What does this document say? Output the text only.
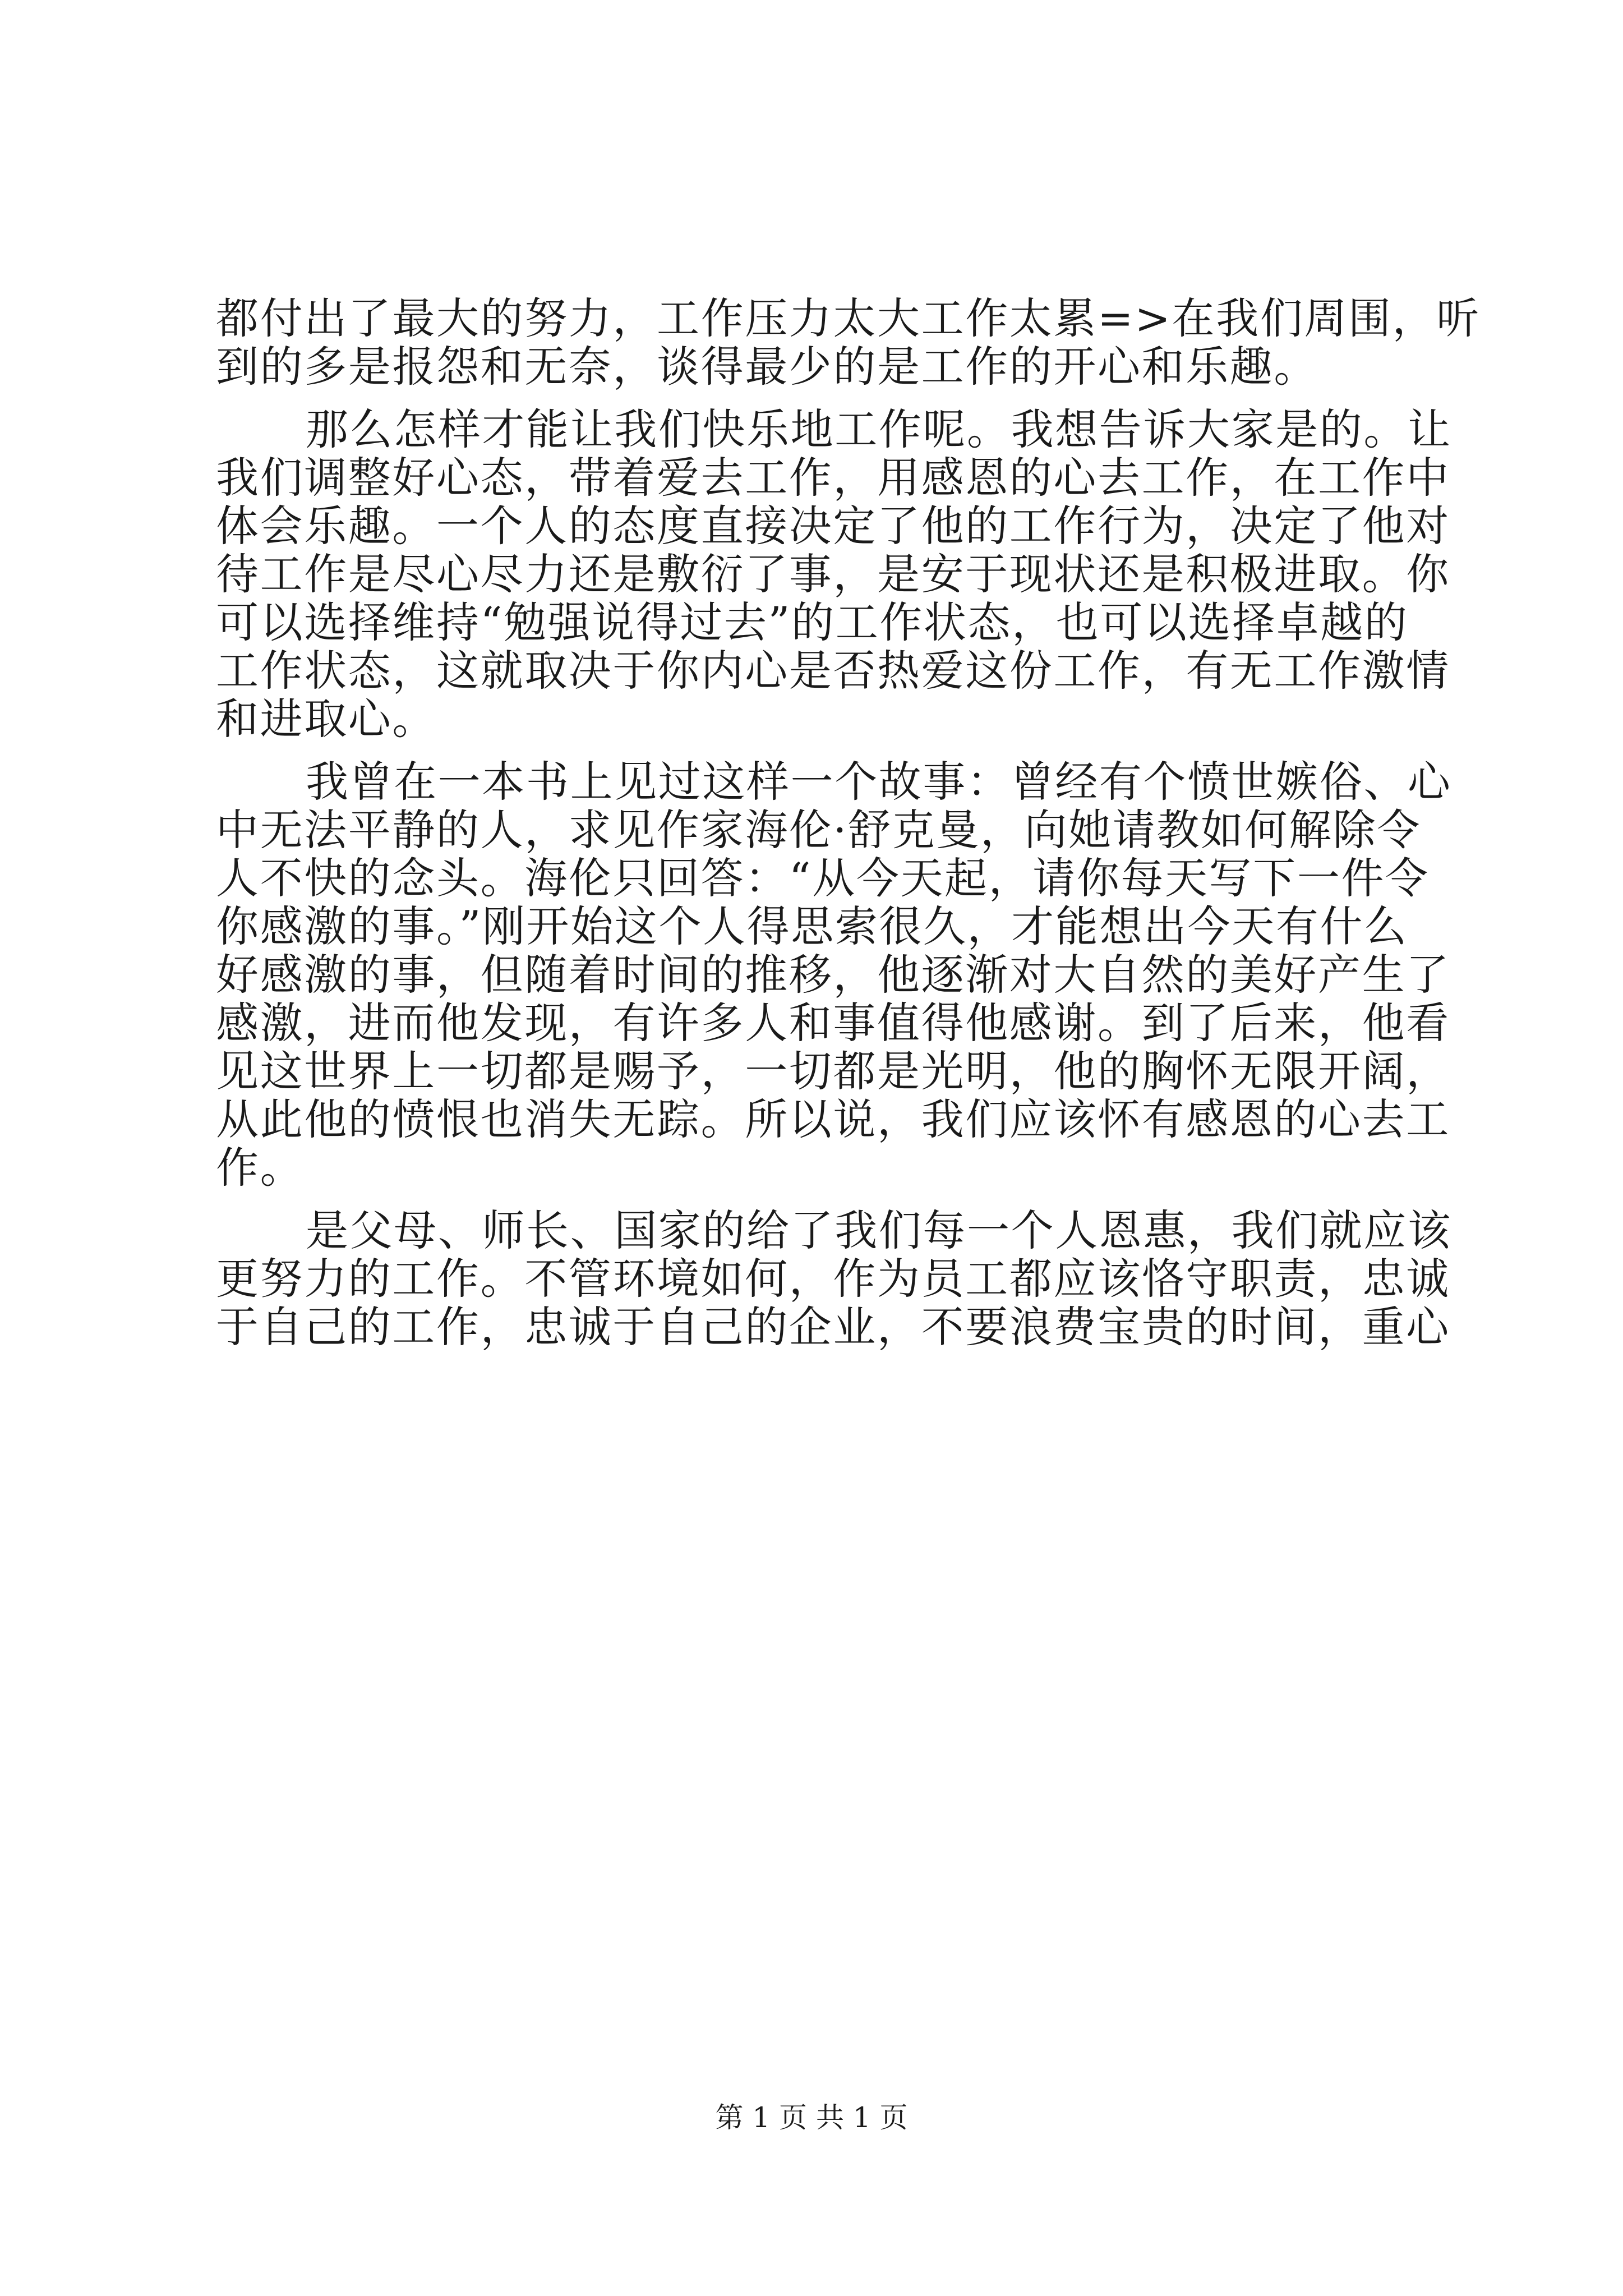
都付出了最大的努力，工作压力太大工作太累=>在我们周围，听
到的多是报怨和无奈，谈得最少的是工作的开心和乐趣。
那么怎样才能让我们快乐地工作呢。我想告诉大家是的。让
我们调整好心态，带着爱去工作，用感恩的心去工作，在工作中
体会乐趣。一个人的态度直接决定了他的工作行为，决定了他对
待工作是尽心尽力还是敷衍了事，是安于现状还是积极进取。你
可以选择维持“勉强说得过去”的工作状态，也可以选择卓越的
工作状态，这就取决于你内心是否热爱这份工作，有无工作激情
和进取心。
我曾在一本书上见过这样一个故事：曾经有个愤世嫉俗、心
中无法平静的人，求见作家海伦·舒克曼，向她请教如何解除令
人不快的念头。海伦只回答：“从今天起，请你每天写下一件令
你感激的事。”刚开始这个人得思索很久，才能想出今天有什么
好感激的事，但随着时间的推移，他逐渐对大自然的美好产生了
感激，进而他发现，有许多人和事值得他感谢。到了后来，他看
见这世界上一切都是赐予，一切都是光明，他的胸怀无限开阔，
从此他的愤恨也消失无踪。所以说，我们应该怀有感恩的心去工
作。
是父母、师长、国家的给了我们每一个人恩惠，我们就应该
更努力的工作。不管环境如何，作为员工都应该恪守职责，忠诚
于自己的工作，忠诚于自己的企业，不要浪费宝贵的时间，重心
第 1 页 共 1 页
